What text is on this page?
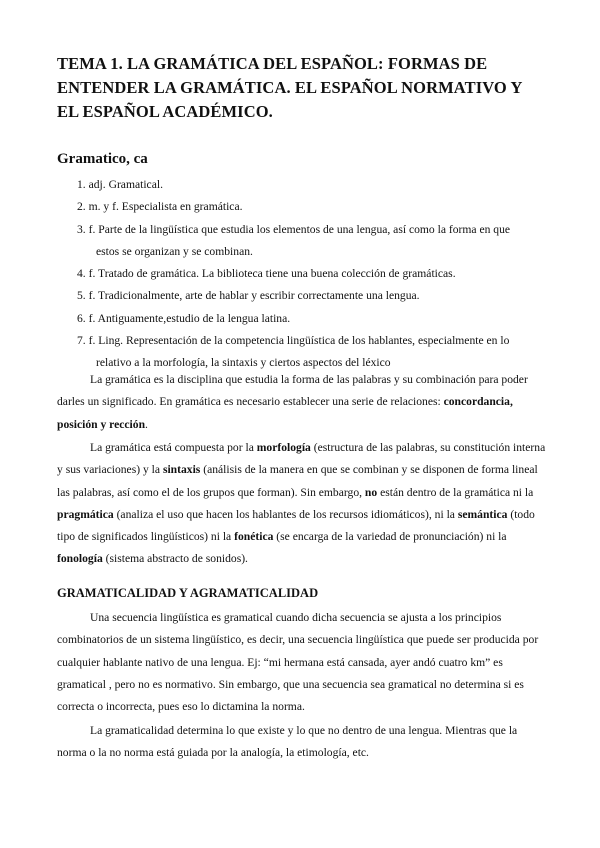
TEMA 1. LA GRAMÁTICA DEL ESPAÑOL: FORMAS DE ENTENDER LA GRAMÁTICA. EL ESPAÑOL NORMATIVO Y EL ESPAÑOL ACADÉMICO.
Gramatico, ca
1. adj. Gramatical.
2. m. y f. Especialista en gramática.
3. f. Parte de la lingüística que estudia los elementos de una lengua, así como la forma en que
estos se organizan y se combinan.
4. f. Tratado de gramática. La biblioteca tiene una buena colección de gramáticas.
5. f. Tradicionalmente, arte de hablar y escribir correctamente una lengua.
6. f. Antiguamente,estudio de la lengua latina.
7. f. Ling. Representación de la competencia lingüística de los hablantes, especialmente en lo
relativo a la morfología, la sintaxis y ciertos aspectos del léxico

La gramática es la disciplina que estudia la forma de las palabras y su combinación para poder darles un significado. En gramática es necesario establecer una serie de relaciones: concordancia, posición y rección.

La gramática está compuesta por la morfología (estructura de las palabras, su constitución interna y sus variaciones) y la sintaxis (análisis de la manera en que se combinan y se disponen de forma lineal las palabras, así como el de los grupos que forman). Sin embargo, no están dentro de la gramática ni la pragmática (analiza el uso que hacen los hablantes de los recursos idiomáticos), ni la semántica (todo tipo de significados lingüísticos) ni la fonética (se encarga de la variedad de pronunciación) ni la fonología (sistema abstracto de sonidos).

GRAMATICALIDAD Y AGRAMATICALIDAD

Una secuencia lingüística es gramatical cuando dicha secuencia se ajusta a los principios combinatorios de un sistema lingüístico, es decir, una secuencia lingüística que puede ser producida por cualquier hablante nativo de una lengua. Ej: “mi hermana está cansada, ayer andó cuatro km” es gramatical , pero no es normativo. Sin embargo, que una secuencia sea gramatical no determina si es correcta o incorrecta, pues eso lo dictamina la norma.

La gramaticalidad determina lo que existe y lo que no dentro de una lengua. Mientras que la norma o la no norma está guiada por la analogía, la etimología, etc.
